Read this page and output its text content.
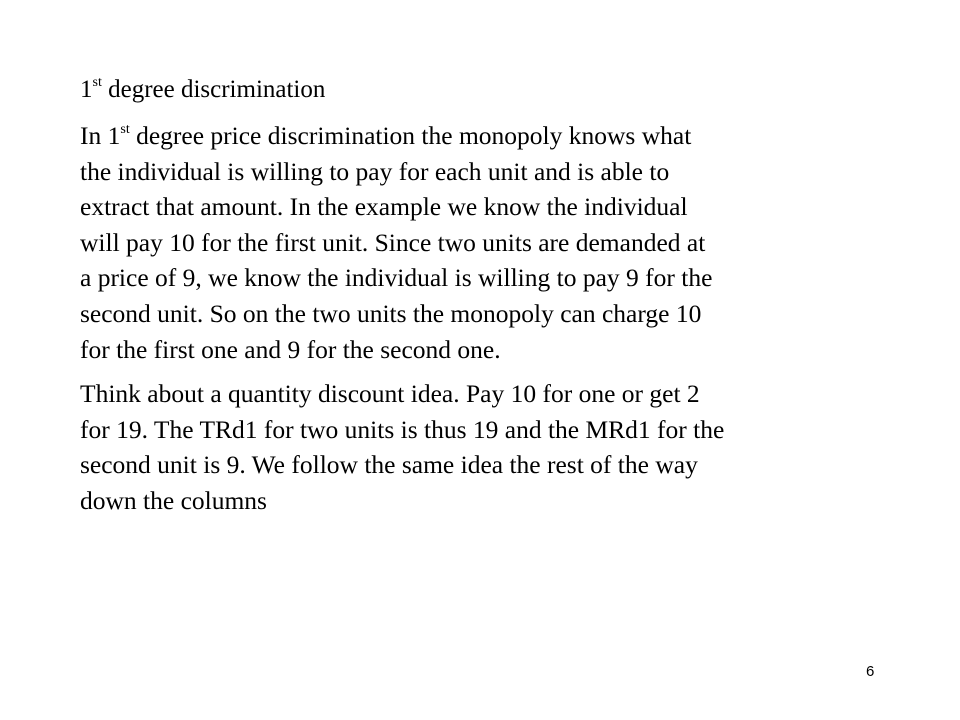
1st degree discrimination
In 1st degree price discrimination the monopoly knows what
the individual is willing to pay for each unit and is able to
extract that amount. In the example we know the individual
will pay 10 for the first unit. Since two units are demanded at
a price of 9, we know the individual is willing to pay 9 for the
second unit. So on the two units the monopoly can charge 10
for the first one and 9 for the second one.
Think about a quantity discount idea. Pay 10 for one or get 2
for 19. The TRd1 for two units is thus 19 and the MRd1 for the
second unit is 9. We follow the same idea the rest of the way
down the columns
6
